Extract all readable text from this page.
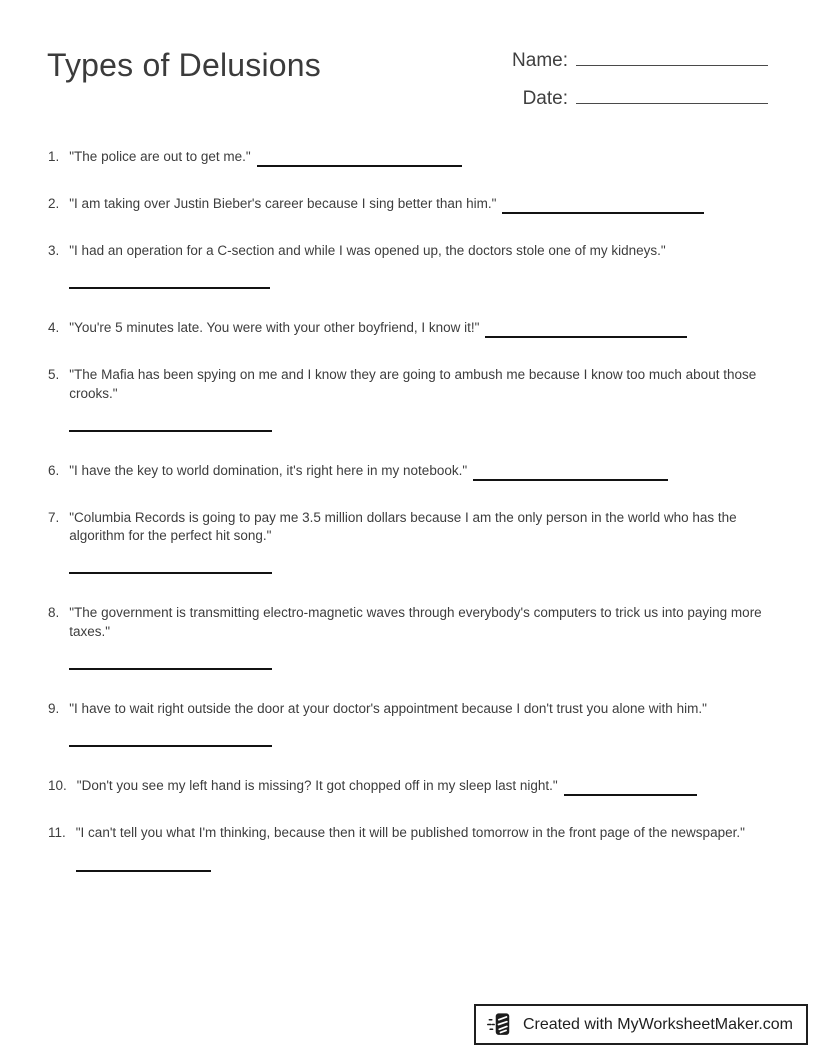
Types of Delusions	Name:
Date:
1. "The police are out to get me."
2. "I am taking over Justin Bieber's career because I sing better than him."
3. "I had an operation for a C-section and while I was opened up, the doctors stole one of my kidneys."
4. "You're 5 minutes late. You were with your other boyfriend, I know it!"
5. "The Mafia has been spying on me and I know they are going to ambush me because I know too much about those crooks."
6. "I have the key to world domination, it's right here in my notebook."
7. "Columbia Records is going to pay me 3.5 million dollars because I am the only person in the world who has the algorithm for the perfect hit song."
8. "The government is transmitting electro-magnetic waves through everybody's computers to trick us into paying more taxes."
9. "I have to wait right outside the door at your doctor's appointment because I don't trust you alone with him."
10. "Don't you see my left hand is missing? It got chopped off in my sleep last night."
11. "I can't tell you what I'm thinking, because then it will be published tomorrow in the front page of the newspaper."
Created with MyWorksheetMaker.com
